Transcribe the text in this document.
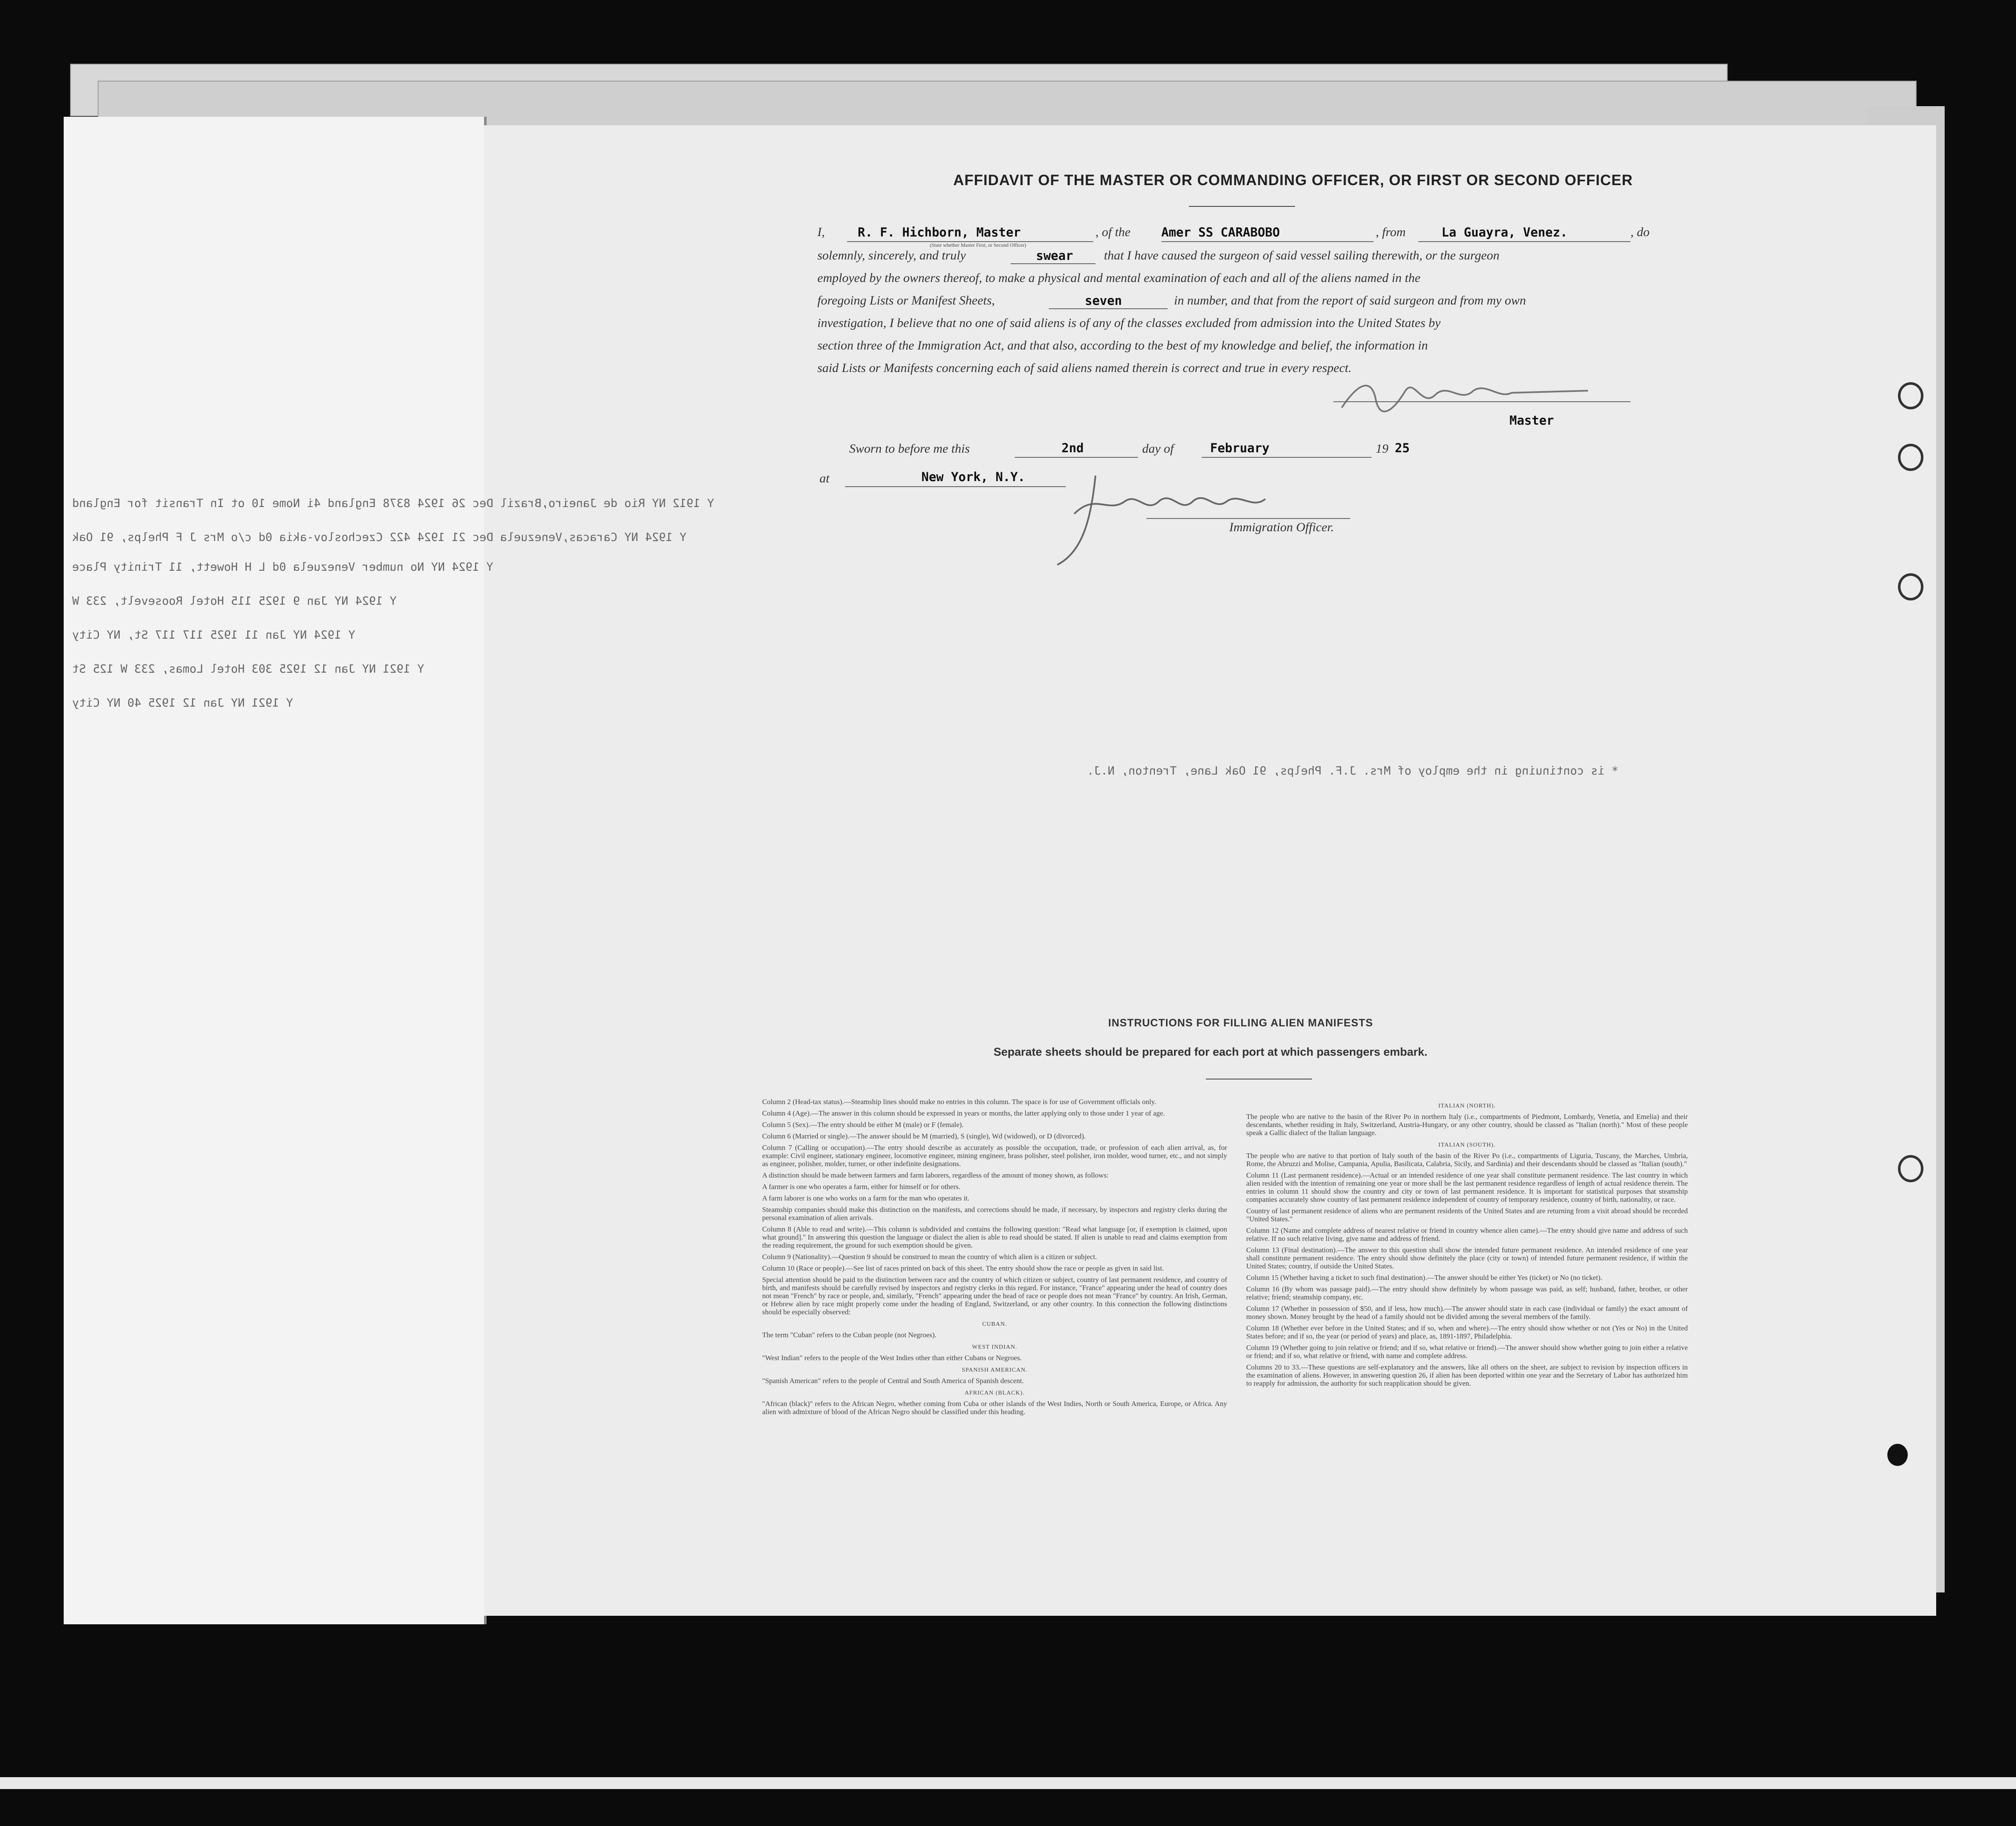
AFFIDAVIT OF THE MASTER OR COMMANDING OFFICER, OR FIRST OR SECOND OFFICER
I,	R. F. Hichborn, Master
(State whether Master First, or Second Officer)
, of the	Amer SS CARABOBO	, from	La Guayra, Venez.	, do
solemnly, sincerely, and truly	swear that I have caused the surgeon of said vessel sailing therewith, or the surgeon
employed by the owners thereof, to make a physical and mental examination of each and all of the aliens named in the
foregoing Lists or Manifest Sheets,	seven	in number, and that from the report of said surgeon and from my own
investigation, I believe that no one of said aliens is of any of the classes excluded from admission into the United States by
section three of the Immigration Act, and that also, according to the best of my knowledge and belief, the information in
said Lists or Manifests concerning each of said aliens named therein is correct and true in every respect.
Master
Sworn to before me this	2nd	day of	February	19 25
at	New York, N.Y.
Immigration Officer.
Y 1912 NY Rio de Janeiro,Brazil Dec 26 1924 8378 England 4i Nome 10 ot In Transit for England
Y 1924 NY Caracas,Venezuela Dec 21 1924 422 Czechoslov-akia 0d c/o Mrs J F Phelps, 91 Oak
Y 1924 NY No number Venezuela 0d L H Howett, 11 Trinity Place
Y 1924 NY Jan 9 1925 115 Hotel Roosevelt, 233 W
Y 1924 NY Jan 11 1925 117 117 St, NY City
Y 1921 NY Jan 12 1925 303 Hotel Lomas, 233 W 125 St
Y 1921 NY Jan 12 1925 40 NY City
* is continuing in the employ of Mrs. J.F. Phelps, 91 Oak Lane, Trenton, N.J.
INSTRUCTIONS FOR FILLING ALIEN MANIFESTS
Separate sheets should be prepared for each port at which passengers embark.

Column 2 (Head-tax status).—Steamship lines should make no entries in this column. The space is for use of Government officials only.

Column 4 (Age).—The answer in this column should be expressed in years or months, the latter applying only to those under 1 year of age.

Column 5 (Sex).—The entry should be either M (male) or F (female).

Column 6 (Married or single).—The answer should be M (married), S (single), Wd (widowed), or D (divorced).

Column 7 (Calling or occupation).—The entry should describe as accurately as possible the occupation, trade, or profession of each alien arrival, as, for example: Civil engineer, stationary engineer, locomotive engineer, mining engineer, brass polisher, steel polisher, iron molder, wood turner, etc., and not simply as engineer, polisher, molder, turner, or other indefinite designations.

A distinction should be made between farmers and farm laborers, regardless of the amount of money shown, as follows:

A farmer is one who operates a farm, either for himself or for others.

A farm laborer is one who works on a farm for the man who operates it.

Steamship companies should make this distinction on the manifests, and corrections should be made, if necessary, by inspectors and registry clerks during the personal examination of alien arrivals.

Column 8 (Able to read and write).—This column is subdivided and contains the following question: "Read what language [or, if exemption is claimed, upon what ground]." In answering this question the language or dialect the alien is able to read should be stated. If alien is unable to read and claims exemption from the reading requirement, the ground for such exemption should be given.

Column 9 (Nationality).—Question 9 should be construed to mean the country of which alien is a citizen or subject.

Column 10 (Race or people).—See list of races printed on back of this sheet. The entry should show the race or people as given in said list.

Special attention should be paid to the distinction between race and the country of which citizen or subject, country of last permanent residence, and country of birth, and manifests should be carefully revised by inspectors and registry clerks in this regard. For instance, "France" appearing under the head of country does not mean "French" by race or people, and, similarly, "French" appearing under the head of race or people does not mean "France" by country. An Irish, German, or Hebrew alien by race might properly come under the heading of England, Switzerland, or any other country. In this connection the following distinctions should be especially observed:

CUBAN.

The term "Cuban" refers to the Cuban people (not Negroes).

WEST INDIAN.

"West Indian" refers to the people of the West Indies other than either Cubans or Negroes.

SPANISH AMERICAN.

"Spanish American" refers to the people of Central and South America of Spanish descent.

AFRICAN (BLACK).

"African (black)" refers to the African Negro, whether coming from Cuba or other islands of the West Indies, North or South America, Europe, or Africa. Any alien with admixture of blood of the African Negro should be classified under this heading.

ITALIAN (NORTH).

The people who are native to the basin of the River Po in northern Italy (i.e., compartments of Piedmont, Lombardy, Venetia, and Emelia) and their descendants, whether residing in Italy, Switzerland, Austria-Hungary, or any other country, should be classed as "Italian (north)." Most of these people speak a Gallic dialect of the Italian language.

ITALIAN (SOUTH).

The people who are native to that portion of Italy south of the basin of the River Po (i.e., compartments of Liguria, Tuscany, the Marches, Umbria, Rome, the Abruzzi and Molise, Campania, Apulia, Basilicata, Calabria, Sicily, and Sardinia) and their descendants should be classed as "Italian (south)."

Column 11 (Last permanent residence).—Actual or an intended residence of one year shall constitute permanent residence. The last country in which alien resided with the intention of remaining one year or more shall be the last permanent residence regardless of length of actual residence therein. The entries in column 11 should show the country and city or town of last permanent residence. It is important for statistical purposes that steamship companies accurately show country of last permanent residence independent of country of temporary residence, country of birth, nationality, or race.

Country of last permanent residence of aliens who are permanent residents of the United States and are returning from a visit abroad should be recorded "United States."

Column 12 (Name and complete address of nearest relative or friend in country whence alien came).—The entry should give name and address of such relative. If no such relative living, give name and address of friend.

Column 13 (Final destination).—The answer to this question shall show the intended future permanent residence. An intended residence of one year shall constitute permanent residence. The entry should show definitely the place (city or town) of intended future permanent residence, if within the United States; country, if outside the United States.

Column 15 (Whether having a ticket to such final destination).—The answer should be either Yes (ticket) or No (no ticket).

Column 16 (By whom was passage paid).—The entry should show definitely by whom passage was paid, as self; husband, father, brother, or other relative; friend; steamship company, etc.

Column 17 (Whether in possession of $50, and if less, how much).—The answer should state in each case (individual or family) the exact amount of money shown. Money brought by the head of a family should not be divided among the several members of the family.

Column 18 (Whether ever before in the United States; and if so, when and where).—The entry should show whether or not (Yes or No) in the United States before; and if so, the year (or period of years) and place, as, 1891-1897, Philadelphia.

Column 19 (Whether going to join relative or friend; and if so, what relative or friend).—The answer should show whether going to join either a relative or friend; and if so, what relative or friend, with name and complete address.

Columns 20 to 33.—These questions are self-explanatory and the answers, like all others on the sheet, are subject to revision by inspection officers in the examination of aliens. However, in answering question 26, if alien has been deported within one year and the Secretary of Labor has authorized him to reapply for admission, the authority for such reapplication should be given.
